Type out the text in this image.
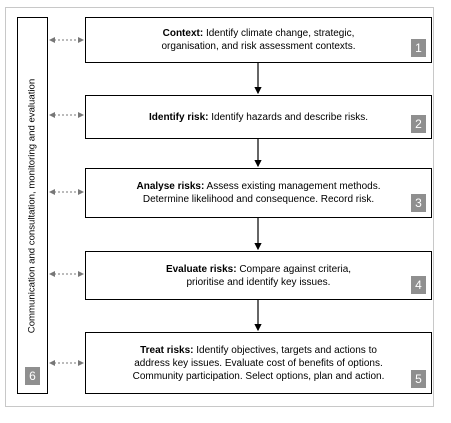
6
Communication and consultation, monitoring and evaluation
Context: Identify climate change, strategic,
organisation, and risk assessment contexts.	1
Identify risk: Identify hazards and describe risks.	2
Analyse risks: Assess existing management methods.
Determine likelihood and consequence. Record risk.	3
Evaluate risks: Compare against criteria,
prioritise and identify key issues.	4
Treat risks: Identify objectives, targets and actions to
address key issues. Evaluate cost of benefits of options.
Community participation. Select options, plan and action.	5
